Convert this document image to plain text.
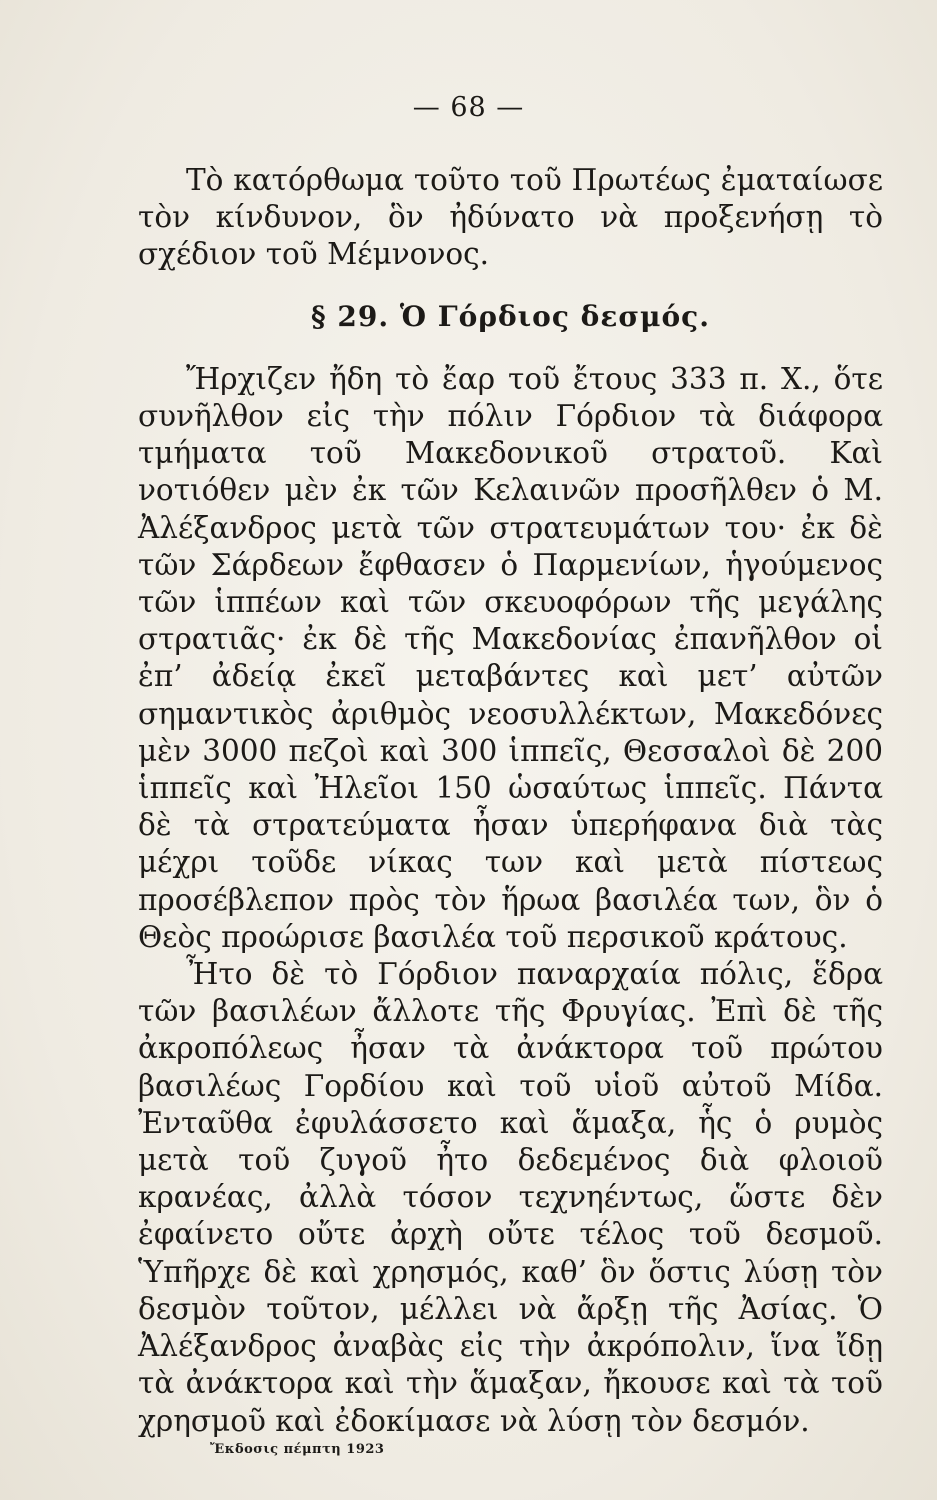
— 68 —

Τὸ κατόρθωμα τοῦτο τοῦ Πρωτέως ἐματαίωσε τὸν κίνδυνον, ὃν ἠδύνατο νὰ προξενήσῃ τὸ σχέδιον τοῦ Μέμνονος.

§ 29. Ὁ Γόρδιος δεσμός.

Ἤρχιζεν ἤδη τὸ ἔαρ τοῦ ἔτους 333 π. Χ., ὅτε συνῆλθον εἰς τὴν πόλιν Γόρδιον τὰ διάφορα τμήματα τοῦ Μακεδονικοῦ στρατοῦ. Καὶ νοτιόθεν μὲν ἐκ τῶν Κελαινῶν προσῆλθεν ὁ Μ. Ἀλέξανδρος μετὰ τῶν στρατευμάτων του· ἐκ δὲ τῶν Σάρδεων ἔφθασεν ὁ Παρμενίων, ἡγούμενος τῶν ἱππέων καὶ τῶν σκευοφόρων τῆς μεγάλης στρατιᾶς· ἐκ δὲ τῆς Μακεδονίας ἐπανῆλθον οἱ ἐπ’ ἀδείᾳ ἐκεῖ μεταβάντες καὶ μετ’ αὐτῶν σημαντικὸς ἀριθμὸς νεοσυλλέκτων, Μακεδόνες μὲν 3000 πεζοὶ καὶ 300 ἱππεῖς, Θεσσαλοὶ δὲ 200 ἱππεῖς καὶ Ἠλεῖοι 150 ὡσαύτως ἱππεῖς. Πάντα δὲ τὰ στρατεύματα ἦσαν ὑπερήφανα διὰ τὰς μέχρι τοῦδε νίκας των καὶ μετὰ πίστεως προσέβλεπον πρὸς τὸν ἥρωα βασιλέα των, ὃν ὁ Θεὸς προώρισε βασιλέα τοῦ περσικοῦ κράτους.

Ἦτο δὲ τὸ Γόρδιον παναρχαία πόλις, ἕδρα τῶν βασιλέων ἄλλοτε τῆς Φρυγίας. Ἐπὶ δὲ τῆς ἀκροπόλεως ἦσαν τὰ ἀνάκτορα τοῦ πρώτου βασιλέως Γορδίου καὶ τοῦ υἱοῦ αὐτοῦ Μίδα. Ἐνταῦθα ἐφυλάσσετο καὶ ἅμαξα, ἧς ὁ ρυμὸς μετὰ τοῦ ζυγοῦ ἦτο δεδεμένος διὰ φλοιοῦ κρανέας, ἀλλὰ τόσον τεχνηέντως, ὥστε δὲν ἐφαίνετο οὔτε ἀρχὴ οὔτε τέλος τοῦ δεσμοῦ. Ὑπῆρχε δὲ καὶ χρησμός, καθ’ ὃν ὅστις λύσῃ τὸν δεσμὸν τοῦτον, μέλλει νὰ ἄρξῃ τῆς Ἀσίας. Ὁ Ἀλέξανδρος ἀναβὰς εἰς τὴν ἀκρόπολιν, ἵνα ἴδῃ τὰ ἀνάκτορα καὶ τὴν ἅμαξαν, ἤκουσε καὶ τὰ τοῦ χρησμοῦ καὶ ἐδοκίμασε νὰ λύσῃ τὸν δεσμόν.

Ἔκδοσις πέμπτη 1923
